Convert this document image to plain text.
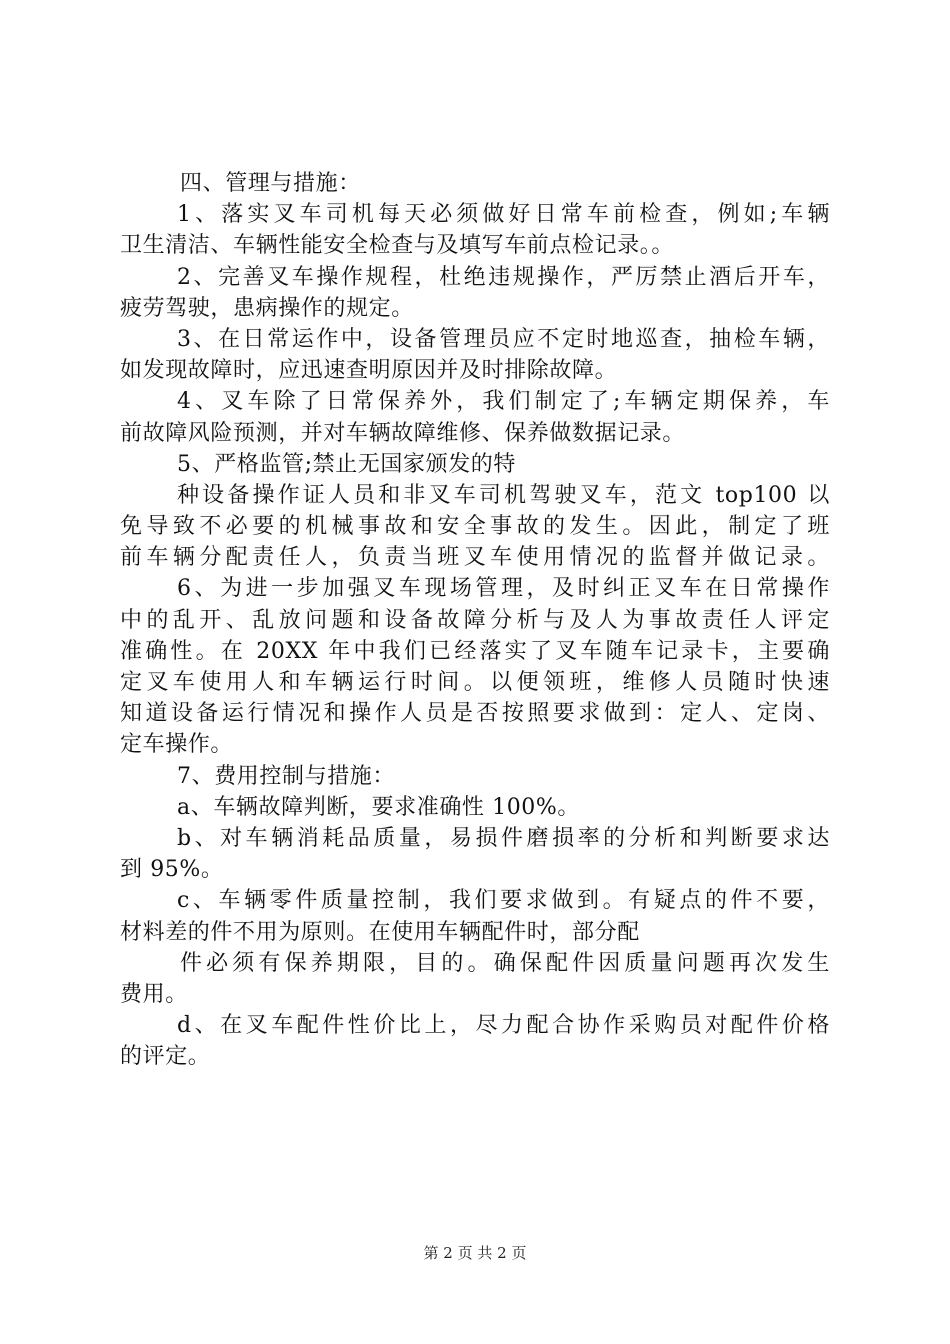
四、管理与措施：
1、落实叉车司机每天必须做好日常车前检查，例如;车辆
卫生清洁、车辆性能安全检查与及填写车前点检记录。。
2、完善叉车操作规程，杜绝违规操作，严厉禁止酒后开车，
疲劳驾驶，患病操作的规定。
3、在日常运作中，设备管理员应不定时地巡查，抽检车辆，
如发现故障时，应迅速查明原因并及时排除故障。
4、叉车除了日常保养外，我们制定了;车辆定期保养，车
前故障风险预测，并对车辆故障维修、保养做数据记录。
5、严格监管;禁止无国家颁发的特
种设备操作证人员和非叉车司机驾驶叉车，范文 top100 以
免导致不必要的机械事故和安全事故的发生。因此，制定了班
前车辆分配责任人，负责当班叉车使用情况的监督并做记录。
6、为进一步加强叉车现场管理，及时纠正叉车在日常操作
中的乱开、乱放问题和设备故障分析与及人为事故责任人评定
准确性。在 20XX 年中我们已经落实了叉车随车记录卡，主要确
定叉车使用人和车辆运行时间。以便领班，维修人员随时快速
知道设备运行情况和操作人员是否按照要求做到：定人、定岗、
定车操作。
7、费用控制与措施：
a、车辆故障判断，要求准确性 100%。
b、对车辆消耗品质量，易损件磨损率的分析和判断要求达
到 95%。
c、车辆零件质量控制，我们要求做到。有疑点的件不要，
材料差的件不用为原则。在使用车辆配件时，部分配
件必须有保养期限，目的。确保配件因质量问题再次发生
费用。
d、在叉车配件性价比上，尽力配合协作采购员对配件价格
的评定。
第 2 页 共 2 页
